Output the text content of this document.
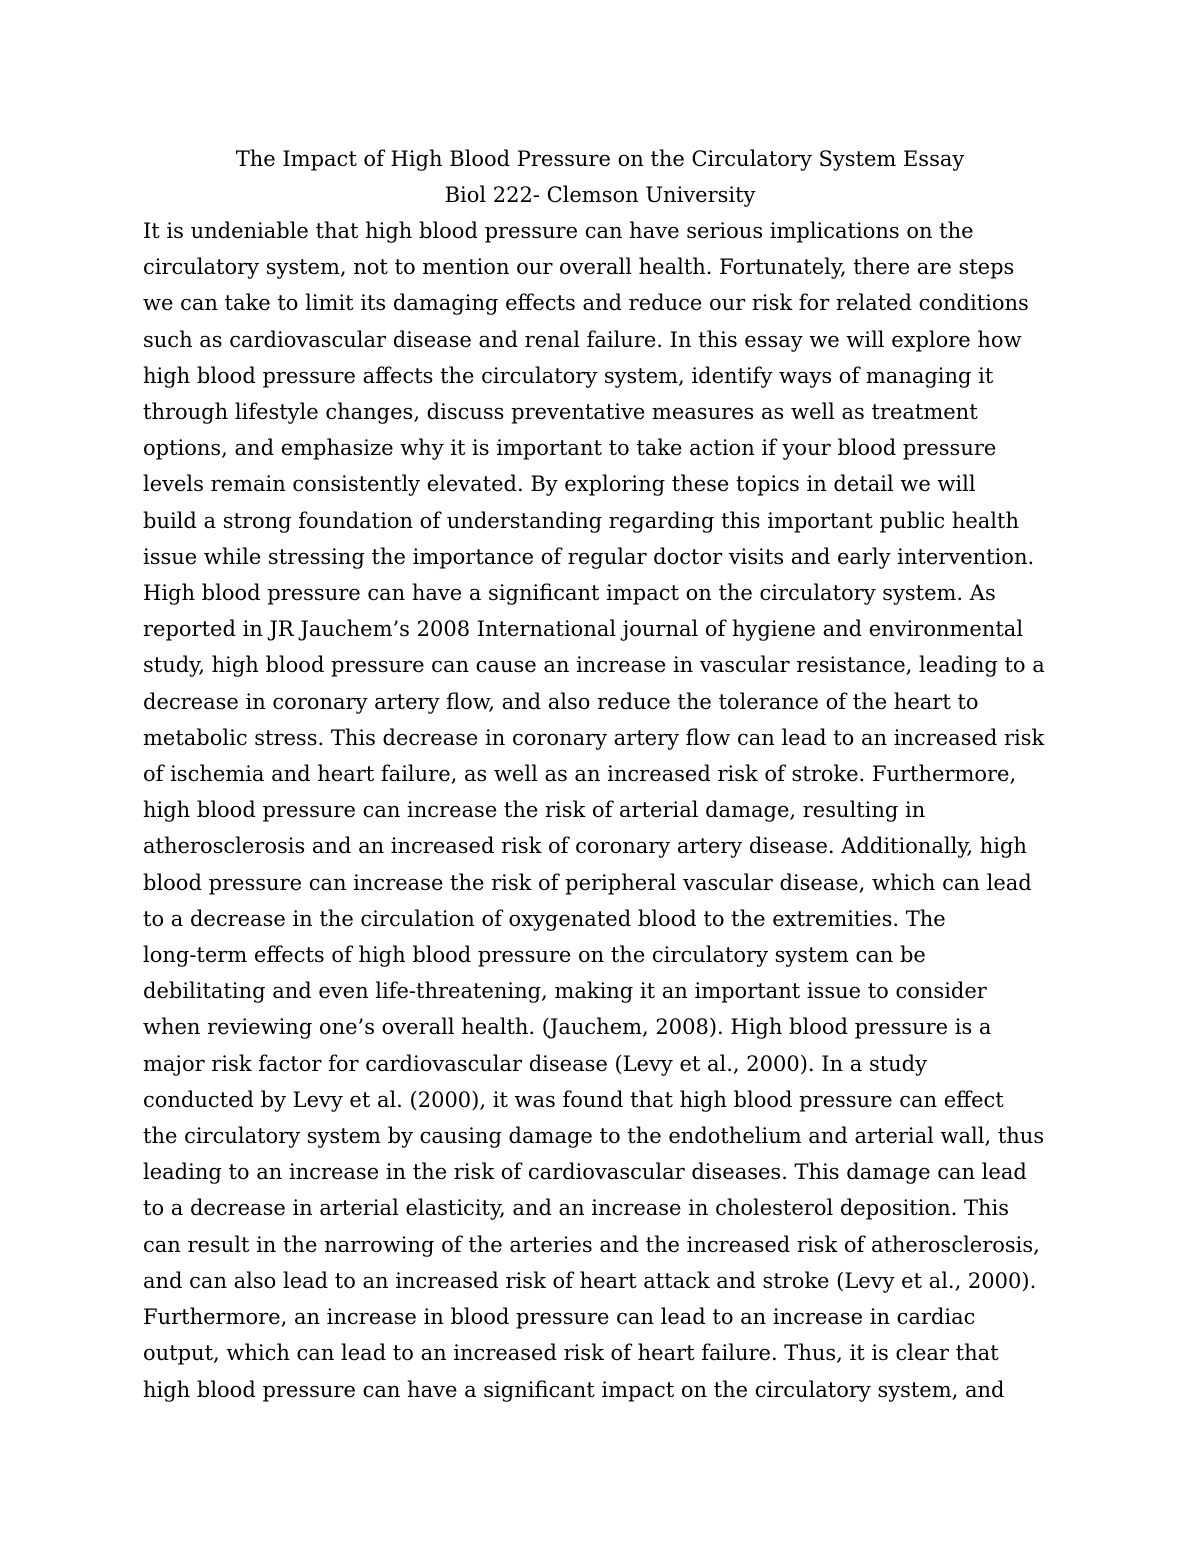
The Impact of High Blood Pressure on the Circulatory System Essay
Biol 222- Clemson University
It is undeniable that high blood pressure can have serious implications on the
circulatory system, not to mention our overall health. Fortunately, there are steps
we can take to limit its damaging effects and reduce our risk for related conditions
such as cardiovascular disease and renal failure. In this essay we will explore how
high blood pressure affects the circulatory system, identify ways of managing it
through lifestyle changes, discuss preventative measures as well as treatment
options, and emphasize why it is important to take action if your blood pressure
levels remain consistently elevated. By exploring these topics in detail we will
build a strong foundation of understanding regarding this important public health
issue while stressing the importance of regular doctor visits and early intervention.
High blood pressure can have a significant impact on the circulatory system. As
reported in JR Jauchem’s 2008 International journal of hygiene and environmental
study, high blood pressure can cause an increase in vascular resistance, leading to a
decrease in coronary artery flow, and also reduce the tolerance of the heart to
metabolic stress. This decrease in coronary artery flow can lead to an increased risk
of ischemia and heart failure, as well as an increased risk of stroke. Furthermore,
high blood pressure can increase the risk of arterial damage, resulting in
atherosclerosis and an increased risk of coronary artery disease. Additionally, high
blood pressure can increase the risk of peripheral vascular disease, which can lead
to a decrease in the circulation of oxygenated blood to the extremities. The
long-term effects of high blood pressure on the circulatory system can be
debilitating and even life-threatening, making it an important issue to consider
when reviewing one’s overall health. (Jauchem, 2008). High blood pressure is a
major risk factor for cardiovascular disease (Levy et al., 2000). In a study
conducted by Levy et al. (2000), it was found that high blood pressure can effect
the circulatory system by causing damage to the endothelium and arterial wall, thus
leading to an increase in the risk of cardiovascular diseases. This damage can lead
to a decrease in arterial elasticity, and an increase in cholesterol deposition. This
can result in the narrowing of the arteries and the increased risk of atherosclerosis,
and can also lead to an increased risk of heart attack and stroke (Levy et al., 2000).
Furthermore, an increase in blood pressure can lead to an increase in cardiac
output, which can lead to an increased risk of heart failure. Thus, it is clear that
high blood pressure can have a significant impact on the circulatory system, and
